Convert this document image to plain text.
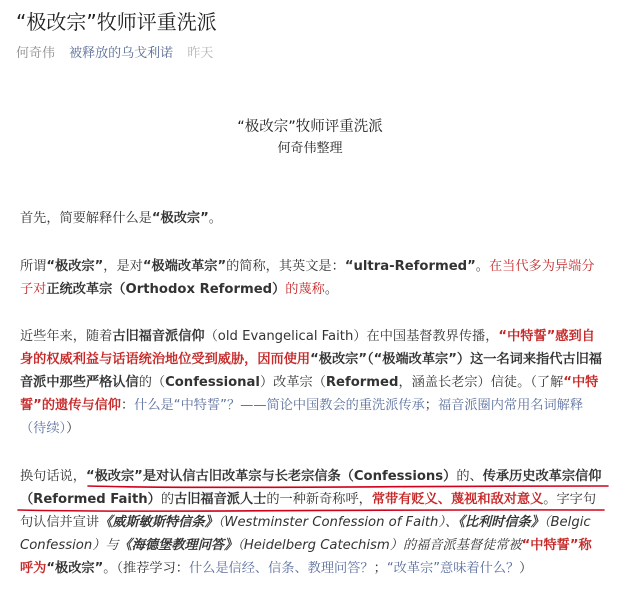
“极改宗”牧师评重洗派
何奇伟 被释放的乌戈利诺 昨天
“极改宗”牧师评重洗派
何奇伟整理

首先，简要解释什么是“极改宗”。

所谓“极改宗”，是对“极端改革宗”的简称，其英文是：“ultra-Reformed”。在当代多为异端分子对正统改革宗（Orthodox Reformed）的蔑称。

近些年来，随着古旧福音派信仰（old Evangelical Faith）在中国基督教界传播，“中特誓”感到自身的权威利益与话语统治地位受到威胁，因而使用“极改宗”（“极端改革宗”）这一名词来指代古旧福音派中那些严格认信的（Confessional）改革宗（Reformed，涵盖长老宗）信徒。（了解“中特誓”的遗传与信仰：什么是“中特誓”？——简论中国教会的重洗派传承；福音派圈内常用名词解释（待续））

换句话说，“极改宗”是对认信古旧改革宗与长老宗信条（Confessions）的、传承历史改革宗信仰（Reformed Faith）的古旧福音派人士的一种新奇称呼，常带有贬义、蔑视和敌对意义。字字句句认信并宣讲《威斯敏斯特信条》（Westminster Confession of Faith）、《比利时信条》（Belgic Confession）与《海德堡教理问答》（Heidelberg Catechism）的福音派基督徒常被“中特誓”称呼为“极改宗”。（推荐学习：什么是信经、信条、教理问答？；“改革宗”意味着什么？）
